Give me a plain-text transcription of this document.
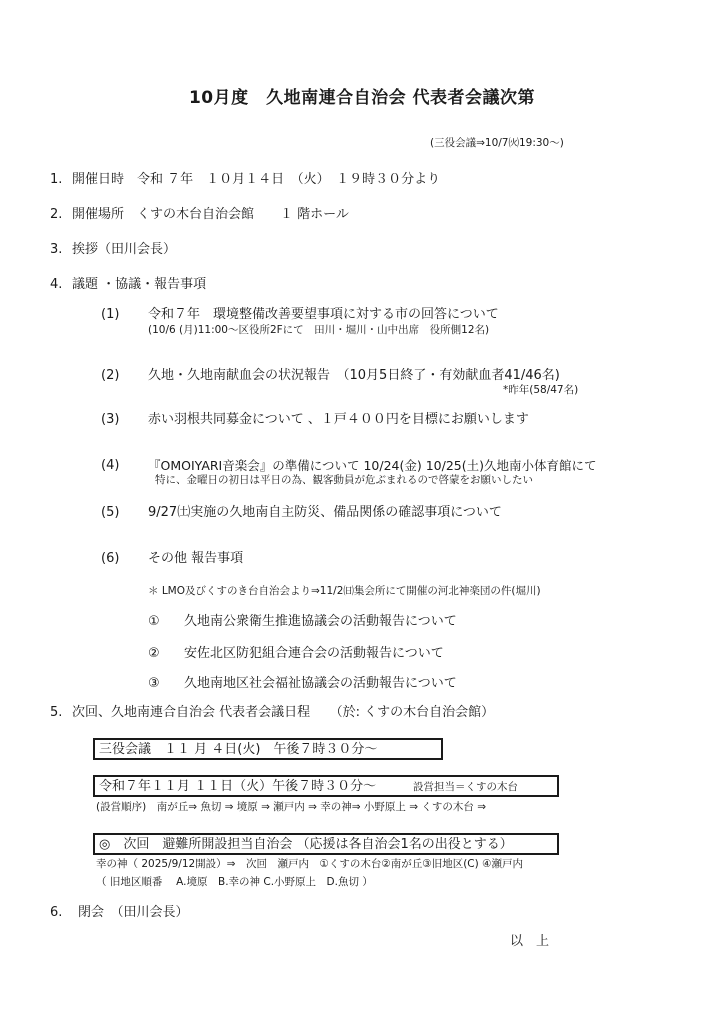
10月度　久地南連合自治会 代表者会議次第
(三役会議⇒10/7㈫19:30〜)
1. 開催日時　令和 ７年　１０月１４日　（火）　１９時３０分より
2. 開催場所　くすの木台自治会館　　１ 階ホール
3. 挨拶（田川会長）
4. 議題 ・協議・報告事項
(1) 令和７年　環境整備改善要望事項に対する市の回答について
(10/6 (月)11:00〜区役所2Fにて　田川・堀川・山中出席　役所側12名)
(2) 久地・久地南献血会の状況報告　（10月5日終了・有効献血者41/46名)
*昨年(58/47名)
(3) 赤い羽根共同募金について 、１戸４００円を目標にお願いします
(4) 『OMOIYARI音楽会』の準備について 10/24(金) 10/25(土)久地南小体育館にて
特に、金曜日の初日は平日の為、観客動員が危ぶまれるので啓蒙をお願いしたい
(5) 9/27㈯実施の久地南自主防災、備品関係の確認事項について
(6) その他 報告事項
＊ LMO及びくすのき台自治会より⇒11/2㈰集会所にて開催の河北神楽団の件(堀川)
① 久地南公衆衛生推進協議会の活動報告について
② 安佐北区防犯組合連合会の活動報告について
③ 久地南地区社会福祉協議会の活動報告について
5. 次回、久地南連合自治会 代表者会議日程　　（於: くすの木台自治会館）
三役会議　１１ 月 ４日(火)　午後７時３０分〜
令和７年１１月 １１日（火）午後７時３０分〜	設営担当＝くすの木台
(設営順序)　南が丘⇒ 魚切 ⇒ 境原 ⇒ 瀬戸内 ⇒ 幸の神⇒ 小野原上 ⇒ くすの木台 ⇒
◎　次回　避難所開設担当自治会 （応援は各自治会1名の出役とする）
幸の神（ 2025/9/12開設）⇒　次回　瀬戸内　①くすの木台②南が丘③旧地区(C) ④瀬戸内
（ 旧地区順番　 A.境原　B.幸の神 C.小野原上　D.魚切 ）
6. 閉会　（田川会長）
以　上
